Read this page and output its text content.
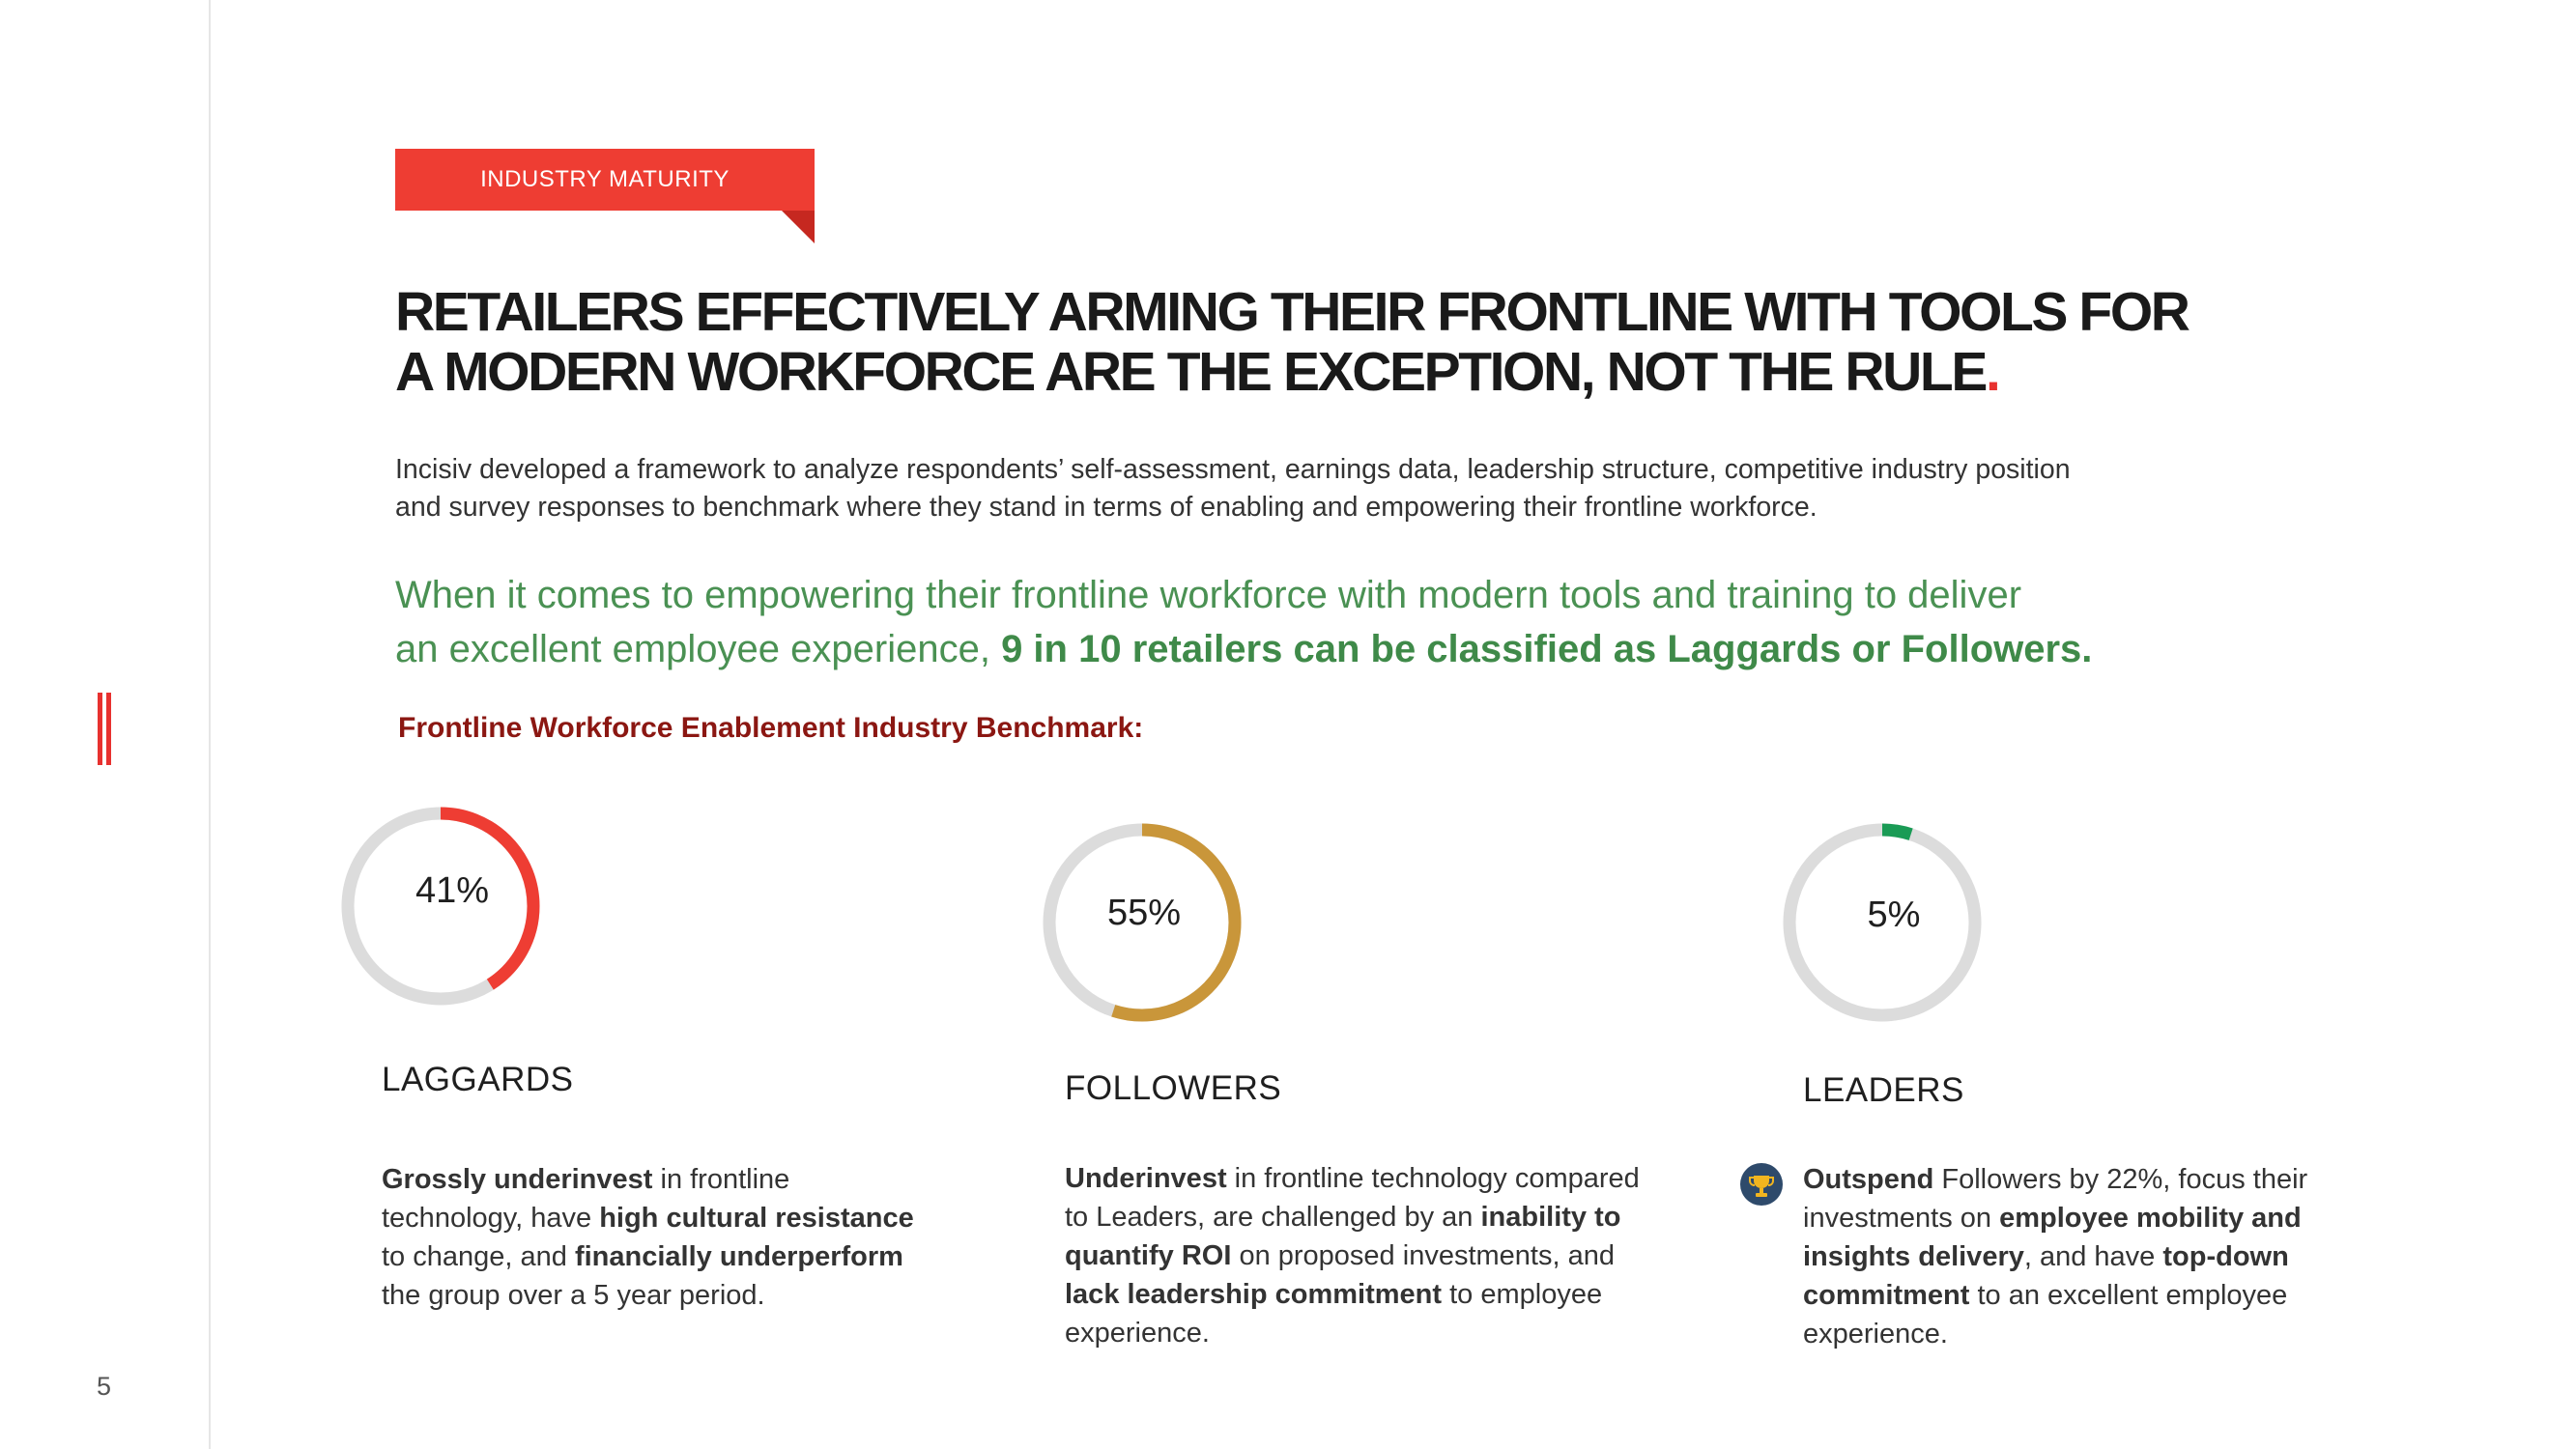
5
INDUSTRY MATURITY
RETAILERS EFFECTIVELY ARMING THEIR FRONTLINE WITH TOOLS FOR
A MODERN WORKFORCE ARE THE EXCEPTION, NOT THE RULE.
Incisiv developed a framework to analyze respondents’ self-assessment, earnings data, leadership structure, competitive industry position
and survey responses to benchmark where they stand in terms of enabling and empowering their frontline workforce.
When it comes to empowering their frontline workforce with modern tools and training to deliver
an excellent employee experience, 9 in 10 retailers can be classified as Laggards or Followers.
Frontline Workforce Enablement Industry Benchmark:
41%
LAGGARDS
Grossly underinvest in frontline
technology, have high cultural resistance
to change, and financially underperform
the group over a 5 year period.
55%
FOLLOWERS
Underinvest in frontline technology compared
to Leaders, are challenged by an inability to
quantify ROI on proposed investments, and
lack leadership commitment to employee
experience.
5%
LEADERS
Outspend Followers by 22%, focus their
investments on employee mobility and
insights delivery, and have top-down
commitment to an excellent employee
experience.
